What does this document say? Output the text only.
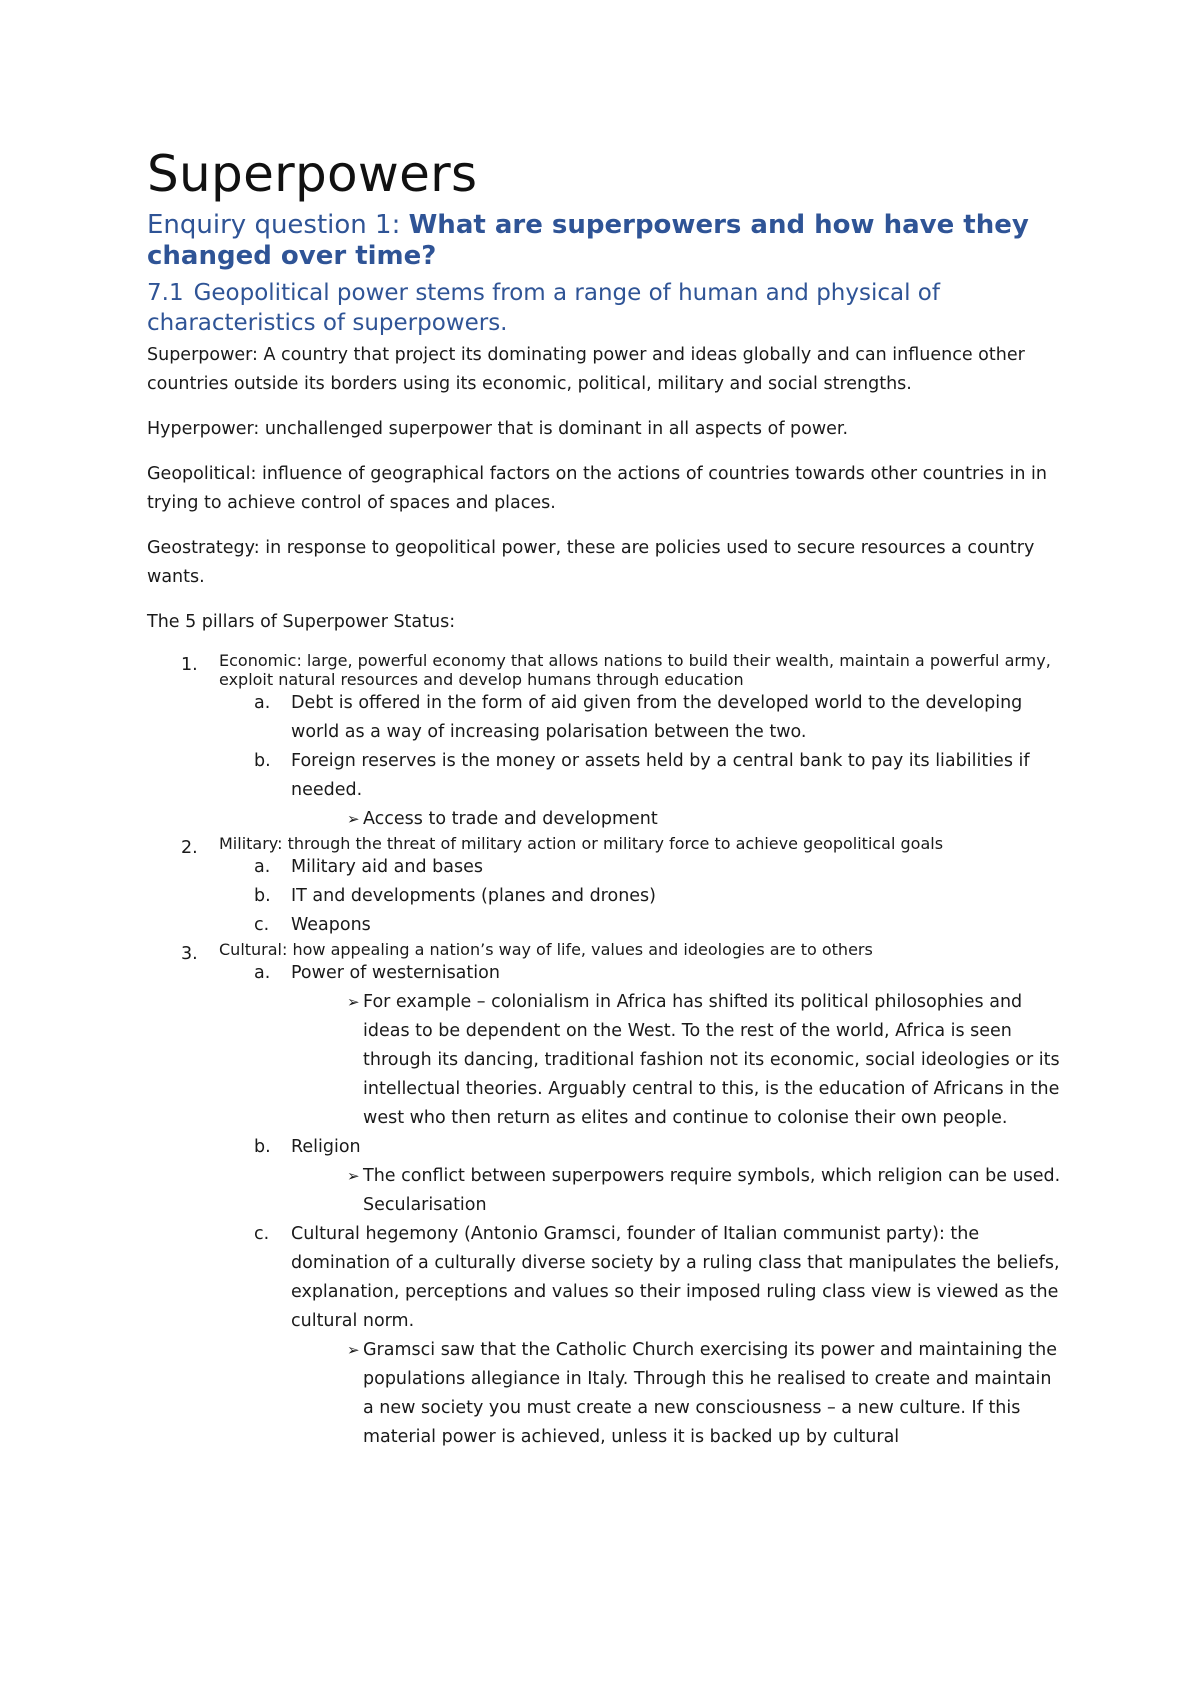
Superpowers
Enquiry question 1: What are superpowers and how have they changed over time?
7.1 Geopolitical power stems from a range of human and physical of characteristics of superpowers.

Superpower: A country that project its dominating power and ideas globally and can influence other countries outside its borders using its economic, political, military and social strengths.

Hyperpower: unchallenged superpower that is dominant in all aspects of power.

Geopolitical: influence of geographical factors on the actions of countries towards other countries in in trying to achieve control of spaces and places.

Geostrategy: in response to geopolitical power, these are policies used to secure resources a country wants.

The 5 pillars of Superpower Status:

1. Economic: large, powerful economy that allows nations to build their wealth, maintain a powerful army, exploit natural resources and develop humans through education
a. Debt is offered in the form of aid given from the developed world to the developing world as a way of increasing polarisation between the two.
b. Foreign reserves is the money or assets held by a central bank to pay its liabilities if needed.
➢ Access to trade and development
2. Military: through the threat of military action or military force to achieve geopolitical goals
a. Military aid and bases
b. IT and developments (planes and drones)
c. Weapons
3. Cultural: how appealing a nation’s way of life, values and ideologies are to others
a. Power of westernisation
➢ For example – colonialism in Africa has shifted its political philosophies and ideas to be dependent on the West. To the rest of the world, Africa is seen through its dancing, traditional fashion not its economic, social ideologies or its intellectual theories. Arguably central to this, is the education of Africans in the west who then return as elites and continue to colonise their own people.
b. Religion
➢ The conflict between superpowers require symbols, which religion can be used. Secularisation
c. Cultural hegemony (Antonio Gramsci, founder of Italian communist party): the domination of a culturally diverse society by a ruling class that manipulates the beliefs, explanation, perceptions and values so their imposed ruling class view is viewed as the cultural norm.
➢ Gramsci saw that the Catholic Church exercising its power and maintaining the populations allegiance in Italy. Through this he realised to create and maintain a new society you must create a new consciousness – a new culture. If this material power is achieved, unless it is backed up by cultural
